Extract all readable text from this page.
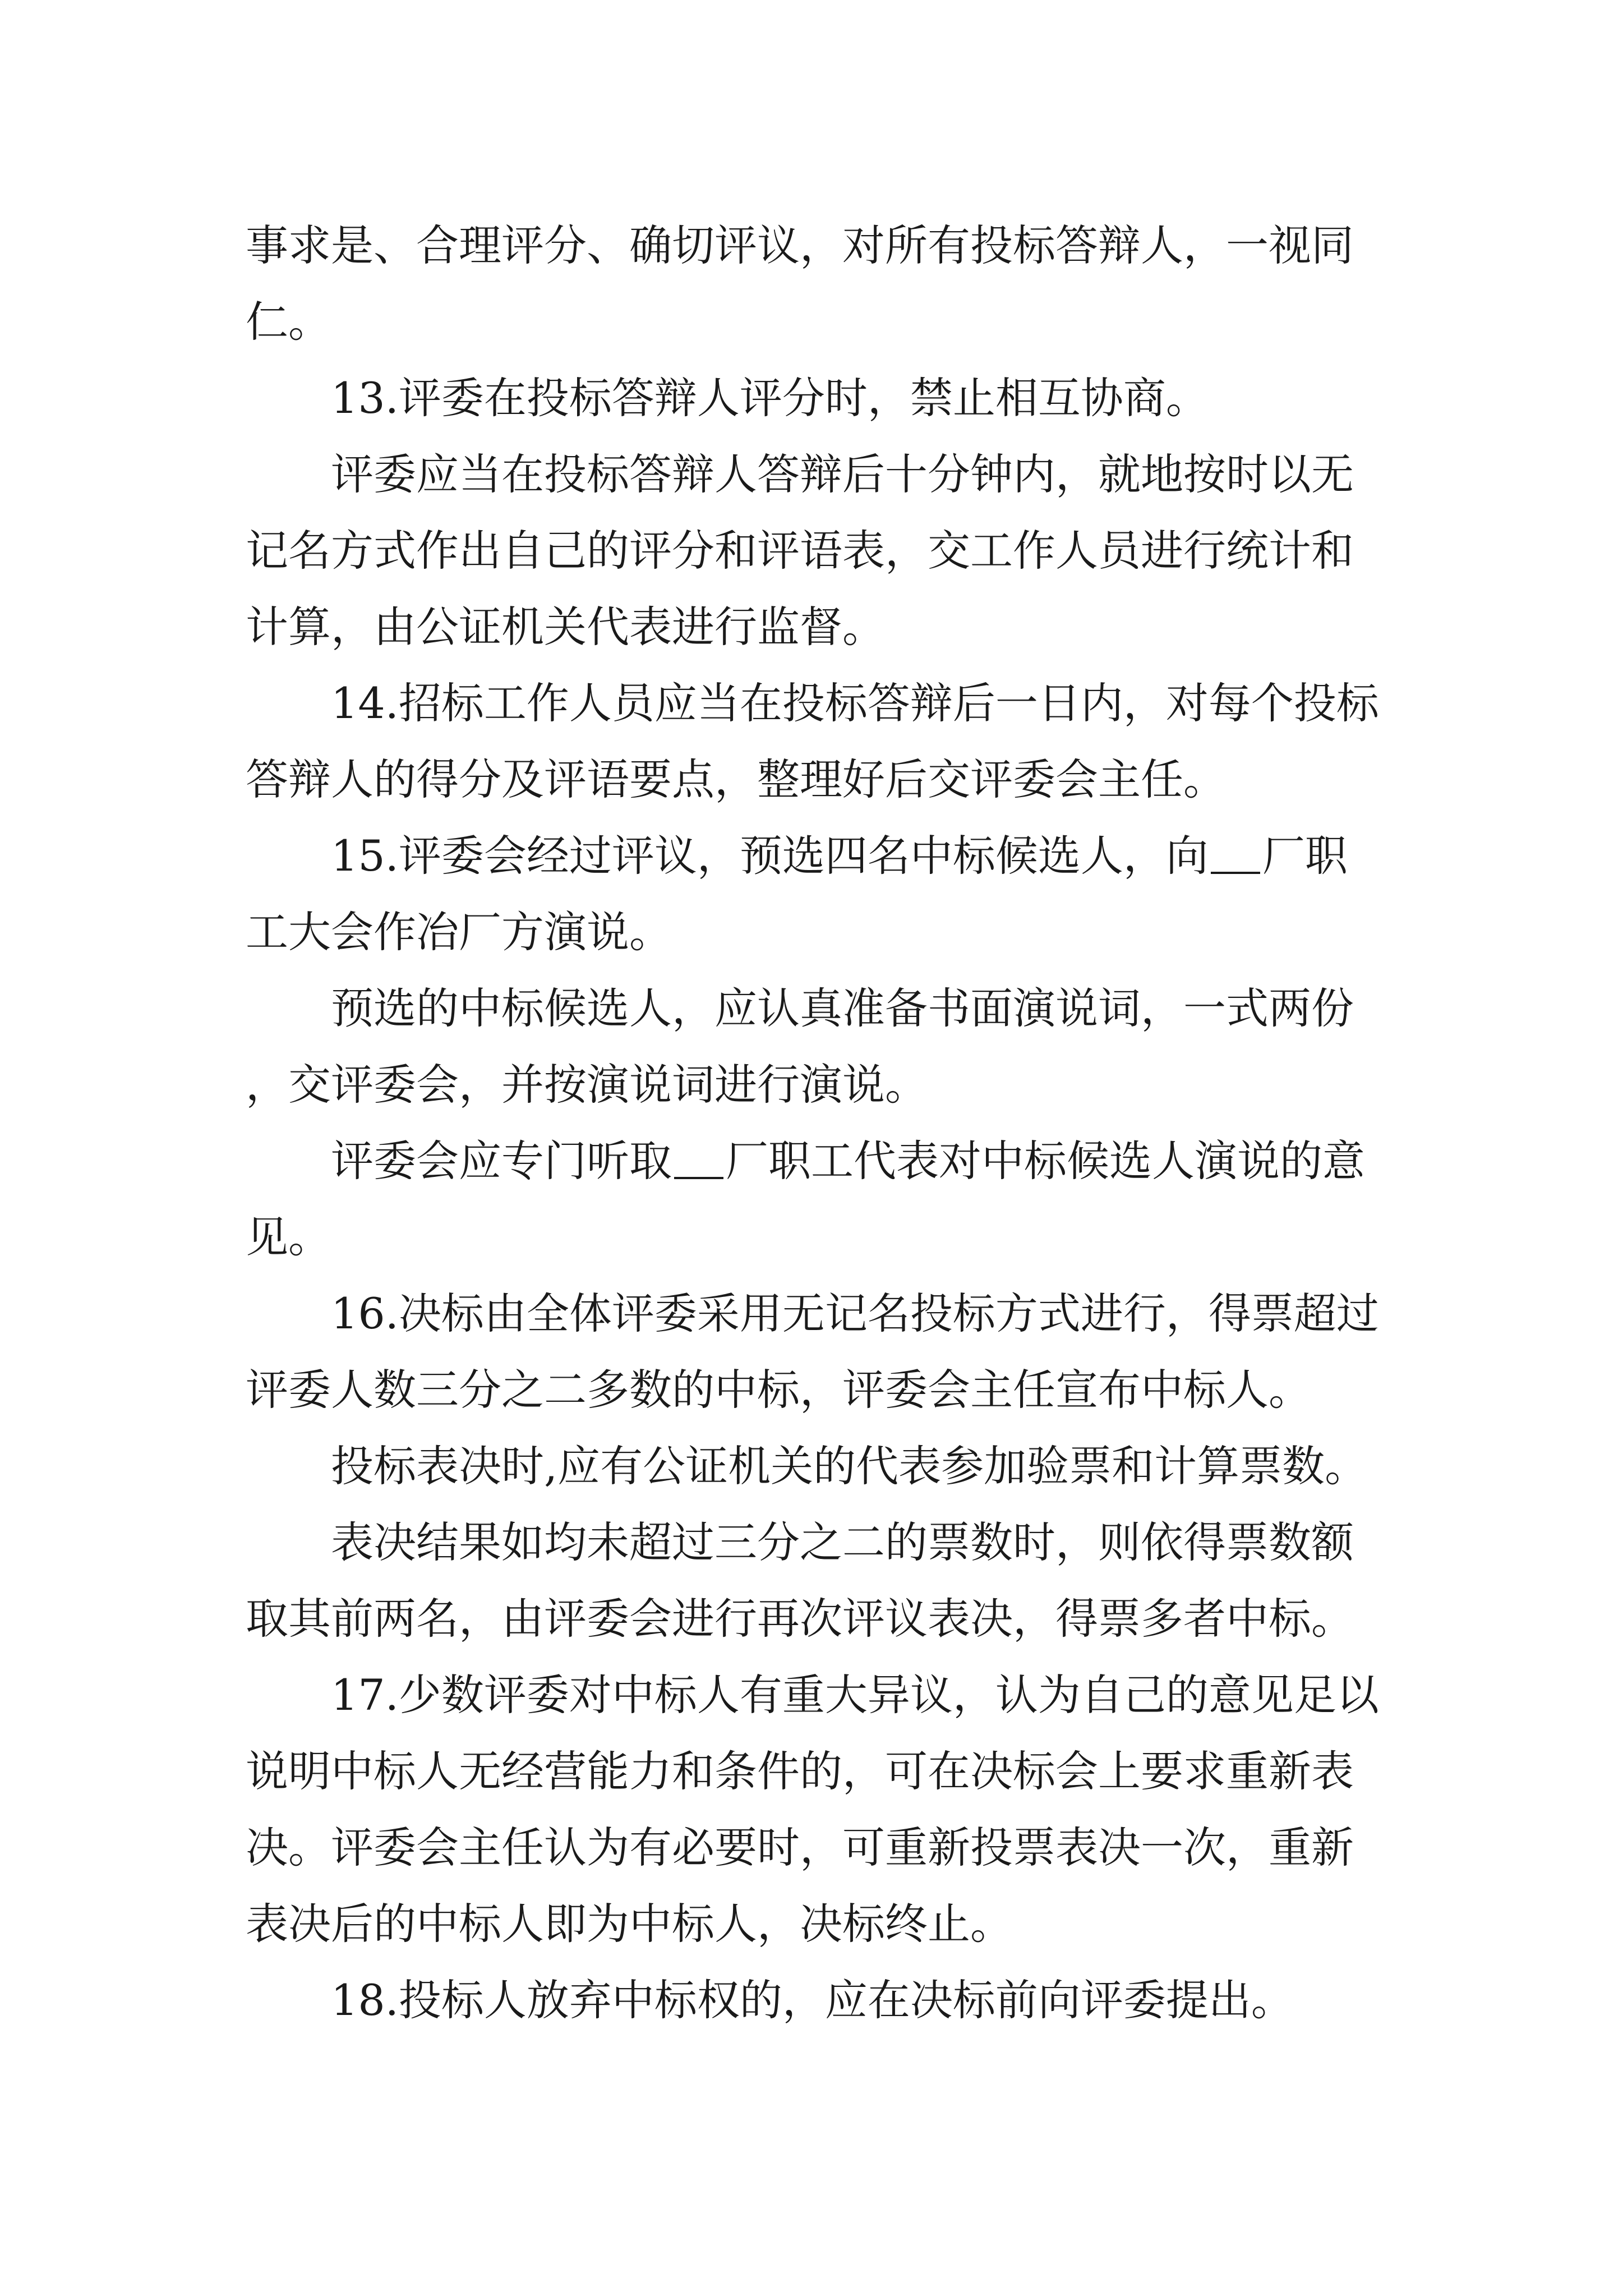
事求是、合理评分、确切评议，对所有投标答辩人，一视同仁。

13.评委在投标答辩人评分时，禁止相互协商。

评委应当在投标答辩人答辩后十分钟内，就地按时以无记名方式作出自己的评分和评语表，交工作人员进行统计和计算，由公证机关代表进行监督。

14.招标工作人员应当在投标答辩后一日内，对每个投标答辩人的得分及评语要点，整理好后交评委会主任。

15.评委会经过评议，预选四名中标候选人，向 厂职工大会作冶厂方演说。

预选的中标候选人，应认真准备书面演说词，一式两份，交评委会，并按演说词进行演说。

评委会应专门听取 厂职工代表对中标候选人演说的意见。

16.决标由全体评委采用无记名投标方式进行，得票超过评委人数三分之二多数的中标，评委会主任宣布中标人。

投标表决时,应有公证机关的代表参加验票和计算票数。

表决结果如均未超过三分之二的票数时，则依得票数额取其前两名，由评委会进行再次评议表决，得票多者中标。

17.少数评委对中标人有重大异议，认为自己的意见足以说明中标人无经营能力和条件的，可在决标会上要求重新表决。评委会主任认为有必要时，可重新投票表决一次，重新表决后的中标人即为中标人，决标终止。

18.投标人放弃中标权的，应在决标前向评委提出。
